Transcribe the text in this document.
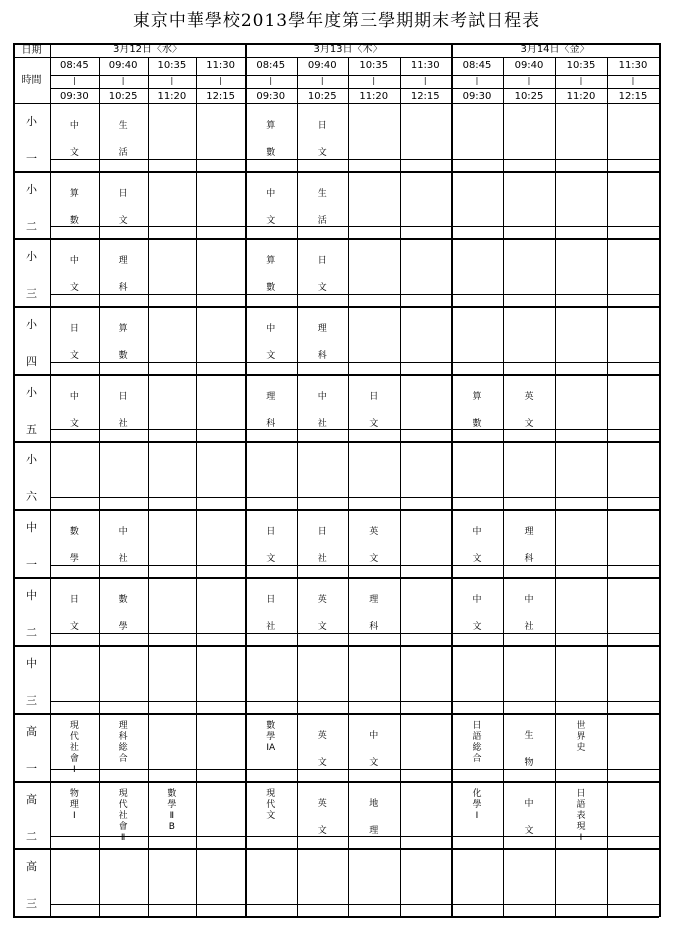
東京中華學校2013學年度第三學期期末考試日程表
日期
時間
3月12日〈水〉	3月13日〈木〉	3月14日〈金〉
08:45
|
09:30
09:40
|
10:25
10:35
|
11:20
11:30
|
12:15
08:45
|
09:30
09:40
|
10:25
10:35
|
11:20
11:30
|
12:15
08:45
|
09:30
09:40
|
10:25
10:35
|
11:20
11:30
|
12:15
小
一
中文
生活
算數
日文
小
二
算數
日文
中文
生活
小
三
中文
理科
算數
日文
小
四
日文
算數
中文
理科
小
五
中文
日社
理科
中社
日文
算數
英文
小
六
中
一
數學
中社
日文
日社
英文
中文
理科
中
二
日文
數學
日社
英文
理科
中文
中社
中
三
高
一
現代社會Ⅰ
理科総合
數學ⅠA
英文
中文
日語総合
生物
世界史
高
二
物理Ⅰ
現代社會Ⅱ
數學ⅡB
現代文
英文
地理
化學Ⅰ
中文
日語表現Ⅰ
高
三
